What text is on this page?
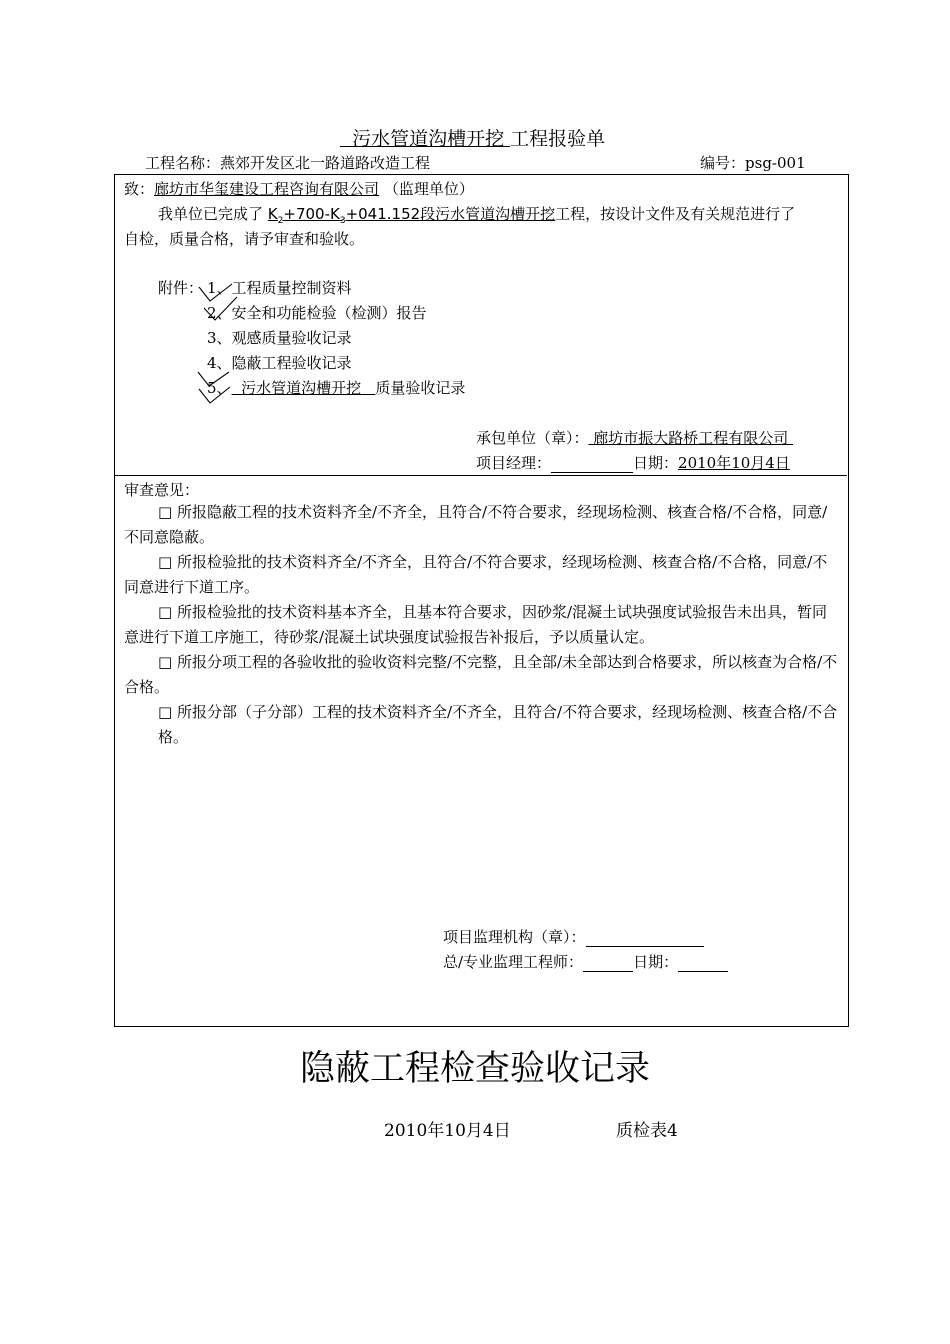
污水管道沟槽开挖 工程报验单
工程名称：燕郊开发区北一路道路改造工程	编号：psg-001
致：廊坊市华玺建设工程咨询有限公司 （监理单位）
我单位已完成了 $K_2+700-K_3+041.152$段污水管道沟槽开挖工程，按设计文件及有关规范进行了
自检，质量合格，请予审查和验收。
附件： 1、工程质量控制资料
2、安全和功能检验（检测）报告
3、观感质量验收记录
4、隐蔽工程验收记录
5、 污水管道沟槽开挖 质量验收记录
承包单位（章）： 廊坊市振大路桥工程有限公司
项目经理：	日期：2010年10月4日
审查意见：
□ 所报隐蔽工程的技术资料齐全/不齐全，且符合/不符合要求，经现场检测、核查合格/不合格，同意/不同意隐蔽。
□ 所报检验批的技术资料齐全/不齐全，且符合/不符合要求，经现场检测、核查合格/不合格，同意/不同意进行下道工序。
□ 所报检验批的技术资料基本齐全，且基本符合要求，因砂浆/混凝土试块强度试验报告未出具，暂同意进行下道工序施工，待砂浆/混凝土试块强度试验报告补报后，予以质量认定。
□ 所报分项工程的各验收批的验收资料完整/不完整，且全部/未全部达到合格要求，所以核查为合格/不合格。
□ 所报分部（子分部）工程的技术资料齐全/不齐全，且符合/不符合要求，经现场检测、核查合格/不合格。
项目监理机构（章）：
总/专业监理工程师：	日期：
隐蔽工程检查验收记录
2010年10月4日	质检表4
